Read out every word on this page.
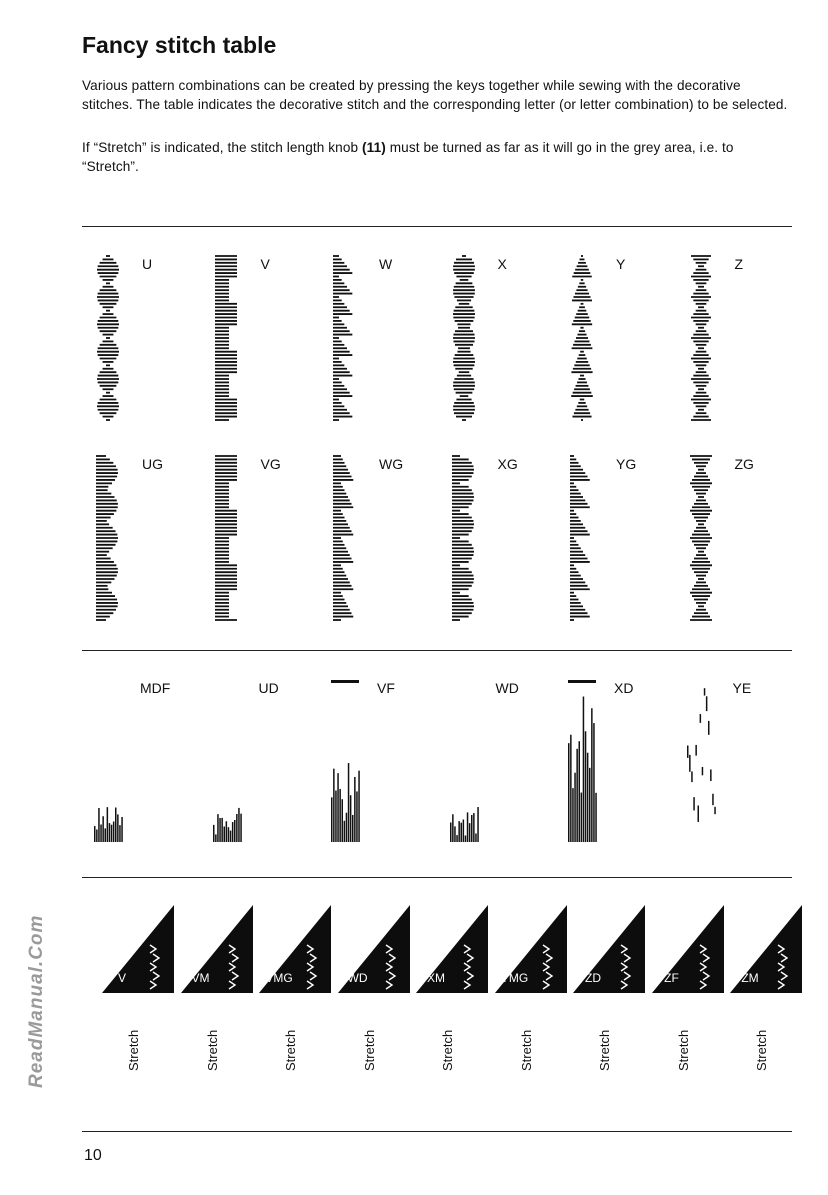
Fancy stitch table

Various pattern combinations can be created by pressing the keys together while sewing with the decorative stitches. The table indicates the decorative stitch and the corresponding letter (or letter combination) to be selected.

If “Stretch” is indicated, the stitch length knob (11) must be turned as far as it will go in the grey area, i.e. to “Stretch”.

U	V	W	X	Y	Z
UG	VG	WG	XG	YG	ZG
MDF	UD	VF	WD	XD	YE
V
Stretch
VM
Stretch
VMG
Stretch
WD
Stretch
XM
Stretch
YMG
Stretch
ZD
Stretch
ZF
Stretch
ZM
Stretch
ReadManual.Com
10
